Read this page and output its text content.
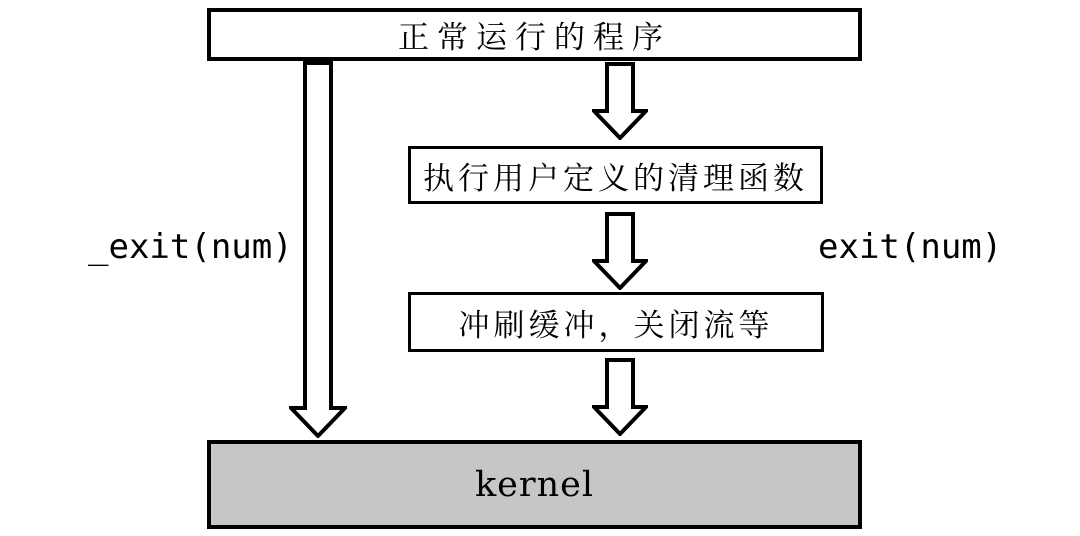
正常运行的程序
_exit(num)
执行用户定义的清理函数
exit(num)
冲刷缓冲，关闭流等
kernel
